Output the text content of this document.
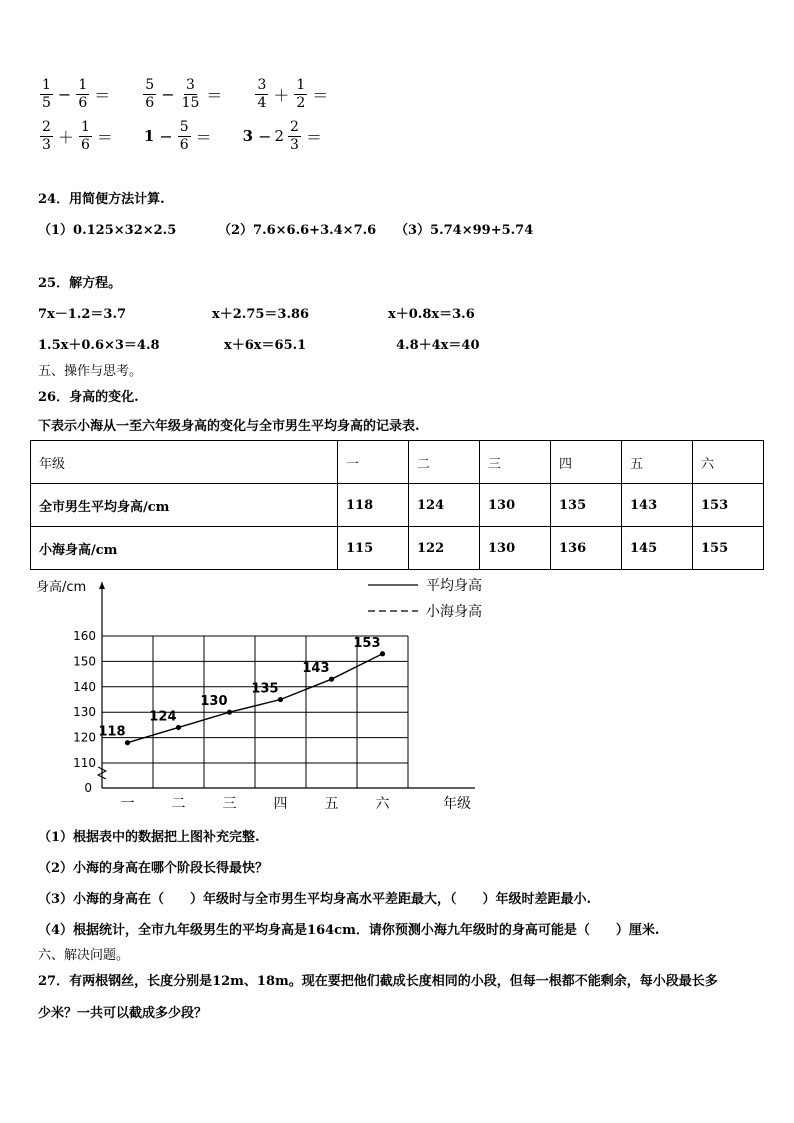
$\frac{1}{5} - \frac{1}{6} = \frac{5}{6} - \frac{3}{15} = \frac{3}{4} + \frac{1}{2}$ ＝
$\frac{2}{3} + \frac{1}{6} = 1 - \frac{5}{6} = 3 - 2 \frac{2}{3}$ ＝
24．用简便方法计算.
（1）0.125×32×2.5	（2）7.6×6.6+3.4×7.6 （3）5.74×99+5.74
25．解方程。
7x－1.2＝3.7	x＋2.75＝3.86	x＋0.8x＝3.6
1.5x＋0.6×3＝4.8	x＋6x＝65.1	4.8＋4x＝40
五、操作与思考。
26．身高的变化.
下表示小海从一至六年级身高的变化与全市男生平均身高的记录表.
年级	一	二	三	四	五	六
全市男生平均身高/cm	118	124	130	135	143	153
小海身高/cm	115	122	130	136	145	155
110
120
130
140
150
160
0
身高/cm
一	二	三	四	五	六	年级
平均身高
小海身高
118
124
130
135
143
153
（1）根据表中的数据把上图补充完整.
（2）小海的身高在哪个阶段长得最快？
（3）小海的身高在（　　）年级时与全市男生平均身高水平差距最大，（　　）年级时差距最小.
（4）根据统计，全市九年级男生的平均身高是164cm．请你预测小海九年级时的身高可能是（　　）厘米.
六、解决问题。
27．有两根钢丝，长度分别是12m、18m。现在要把他们截成长度相同的小段，但每一根都不能剩余，每小段最长多
少米？一共可以截成多少段？
